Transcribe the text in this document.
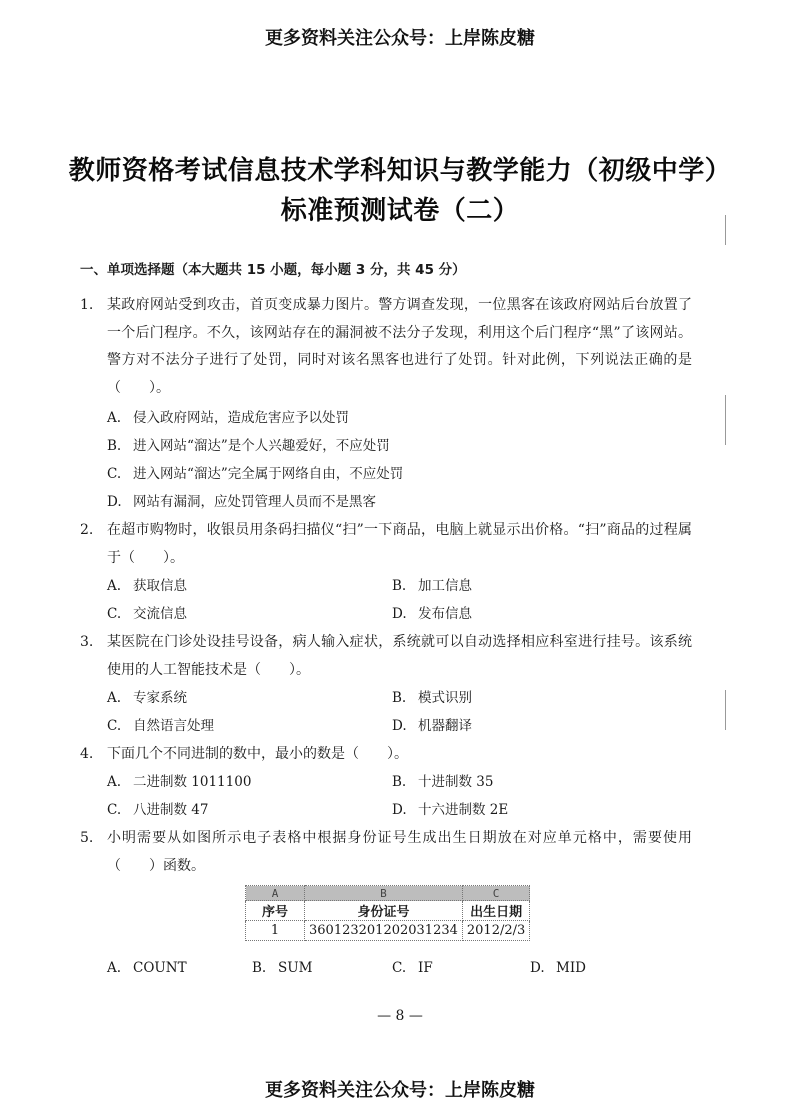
更多资料关注公众号：上岸陈皮糖
教师资格考试信息技术学科知识与教学能力（初级中学）
标准预测试卷（二）
一、单项选择题（本大题共 15 小题，每小题 3 分，共 45 分）
1. 某政府网站受到攻击，首页变成暴力图片。警方调查发现，一位黑客在该政府网站后台放置了一个后门程序。不久，该网站存在的漏洞被不法分子发现，利用这个后门程序“黑”了该网站。警方对不法分子进行了处罚，同时对该名黑客也进行了处罚。针对此例，下列说法正确的是（　　）。
A. 侵入政府网站，造成危害应予以处罚
B. 进入网站“溜达”是个人兴趣爱好，不应处罚
C. 进入网站“溜达”完全属于网络自由，不应处罚
D. 网站有漏洞，应处罚管理人员而不是黑客
2. 在超市购物时，收银员用条码扫描仪“扫”一下商品，电脑上就显示出价格。“扫”商品的过程属于（　　）。
A. 获取信息	B. 加工信息
C. 交流信息	D. 发布信息
3. 某医院在门诊处设挂号设备，病人输入症状，系统就可以自动选择相应科室进行挂号。该系统使用的人工智能技术是（　　）。
A. 专家系统	B. 模式识别
C. 自然语言处理	D. 机器翻译
4. 下面几个不同进制的数中，最小的数是（　　）。
A. 二进制数 1011100	B. 十进制数 35
C. 八进制数 47	D. 十六进制数 2E
5. 小明需要从如图所示电子表格中根据身份证号生成出生日期放在对应单元格中，需要使用（　　）函数。
A	B	C
序号	身份证号	出生日期
1	360123201202031234	2012/2/3
A. COUNT	B. SUM	C. IF	D. MID
— 8 —
更多资料关注公众号：上岸陈皮糖
